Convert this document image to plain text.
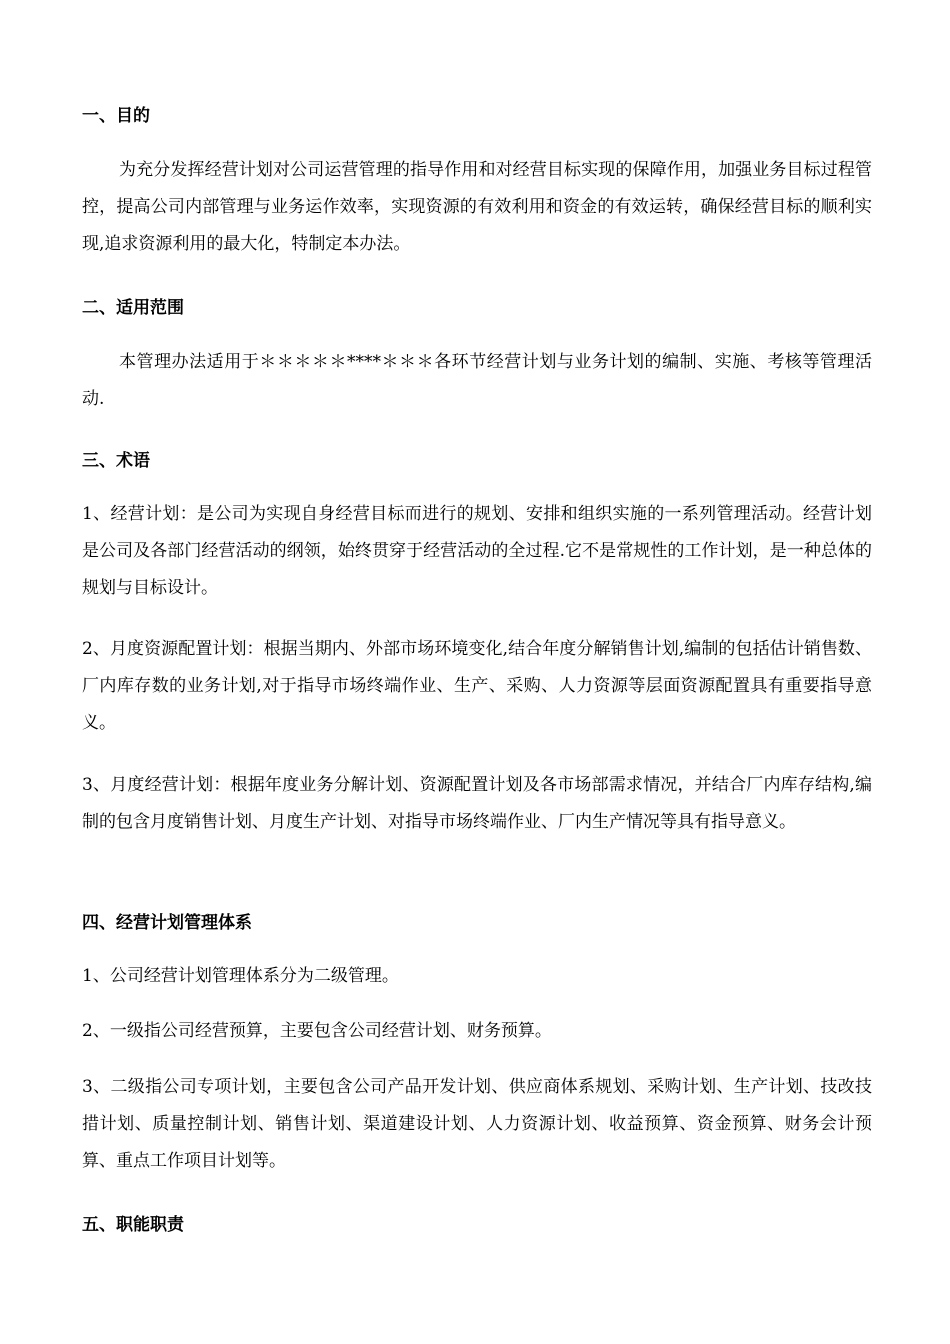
一、目的
为充分发挥经营计划对公司运营管理的指导作用和对经营目标实现的保障作用，加强业务目标过程管控，提高公司内部管理与业务运作效率，实现资源的有效利用和资金的有效运转，确保经营目标的顺利实现,追求资源利用的最大化，特制定本办法。
二、适用范围
本管理办法适用于＊＊＊＊＊****＊＊＊各环节经营计划与业务计划的编制、实施、考核等管理活动.
三、术语
1、经营计划：是公司为实现自身经营目标而进行的规划、安排和组织实施的一系列管理活动。经营计划是公司及各部门经营活动的纲领，始终贯穿于经营活动的全过程.它不是常规性的工作计划，是一种总体的规划与目标设计。
2、月度资源配置计划：根据当期内、外部市场环境变化,结合年度分解销售计划,编制的包括估计销售数、厂内库存数的业务计划,对于指导市场终端作业、生产、采购、人力资源等层面资源配置具有重要指导意义。
3、月度经营计划：根据年度业务分解计划、资源配置计划及各市场部需求情况，并结合厂内库存结构,编制的包含月度销售计划、月度生产计划、对指导市场终端作业、厂内生产情况等具有指导意义。
四、经营计划管理体系
1、公司经营计划管理体系分为二级管理。
2、一级指公司经营预算，主要包含公司经营计划、财务预算。
3、二级指公司专项计划，主要包含公司产品开发计划、供应商体系规划、采购计划、生产计划、技改技措计划、质量控制计划、销售计划、渠道建设计划、人力资源计划、收益预算、资金预算、财务会计预算、重点工作项目计划等。
五、职能职责
